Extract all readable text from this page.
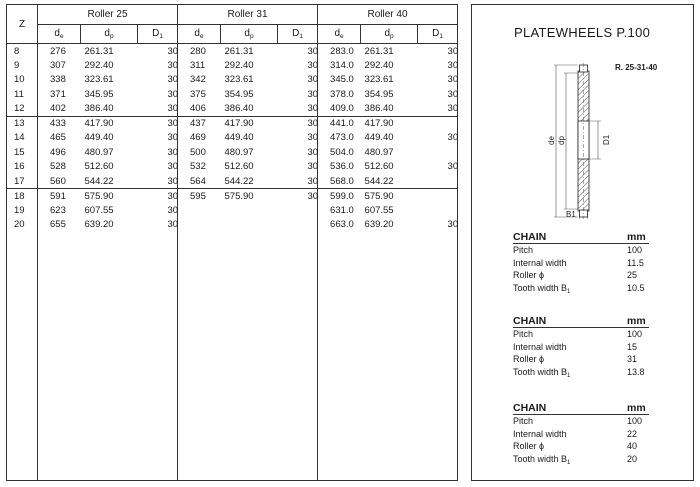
Z	Roller 25			Roller 31			Roller 40		
	$d_e$	$d_p$	$D_1$	$d_e$	$d_p$	$D_1$	$d_e$	$d_p$	$D_1$
8	276	261.31	30	280	261.31	30	283.0	261.31	30
9	307	292.40	30	311	292.40	30	314.0	292.40	30
10	338	323.61	30	342	323.61	30	345.0	323.61	30
11	371	345.95	30	375	354.95	30	378.0	354.95	30
12	402	386.40	30	406	386.40	30	409.0	386.40	30
13	433	417.90	30	437	417.90	30	441.0	417.90	
14	465	449.40	30	469	449.40	30	473.0	449.40	30
15	496	480.97	30	500	480.97	30	504.0	480.97	
16	528	512.60	30	532	512.60	30	536.0	512.60	30
17	560	544.22	30	564	544.22	30	568.0	544.22	
18	591	575.90	30	595	575.90	30	599.0	575.90	
19	623	607.55	30				631.0	607.55	
20	655	639.20	30				663.0	639.20	30

PLATEWHEELS P.100
R. 25-31-40
de dp	D1
B1
CHAIN	mm
Pitch	100
Internal width	11.5
Roller ϕ	25
Tooth width $B_1$	10.5
CHAIN	mm
Pitch	100
Internal width	15
Roller ϕ	31
Tooth width $B_1$	13.8
CHAIN	mm
Pitch	100
Internal width	22
Roller ϕ	40
Tooth width $B_1$	20
